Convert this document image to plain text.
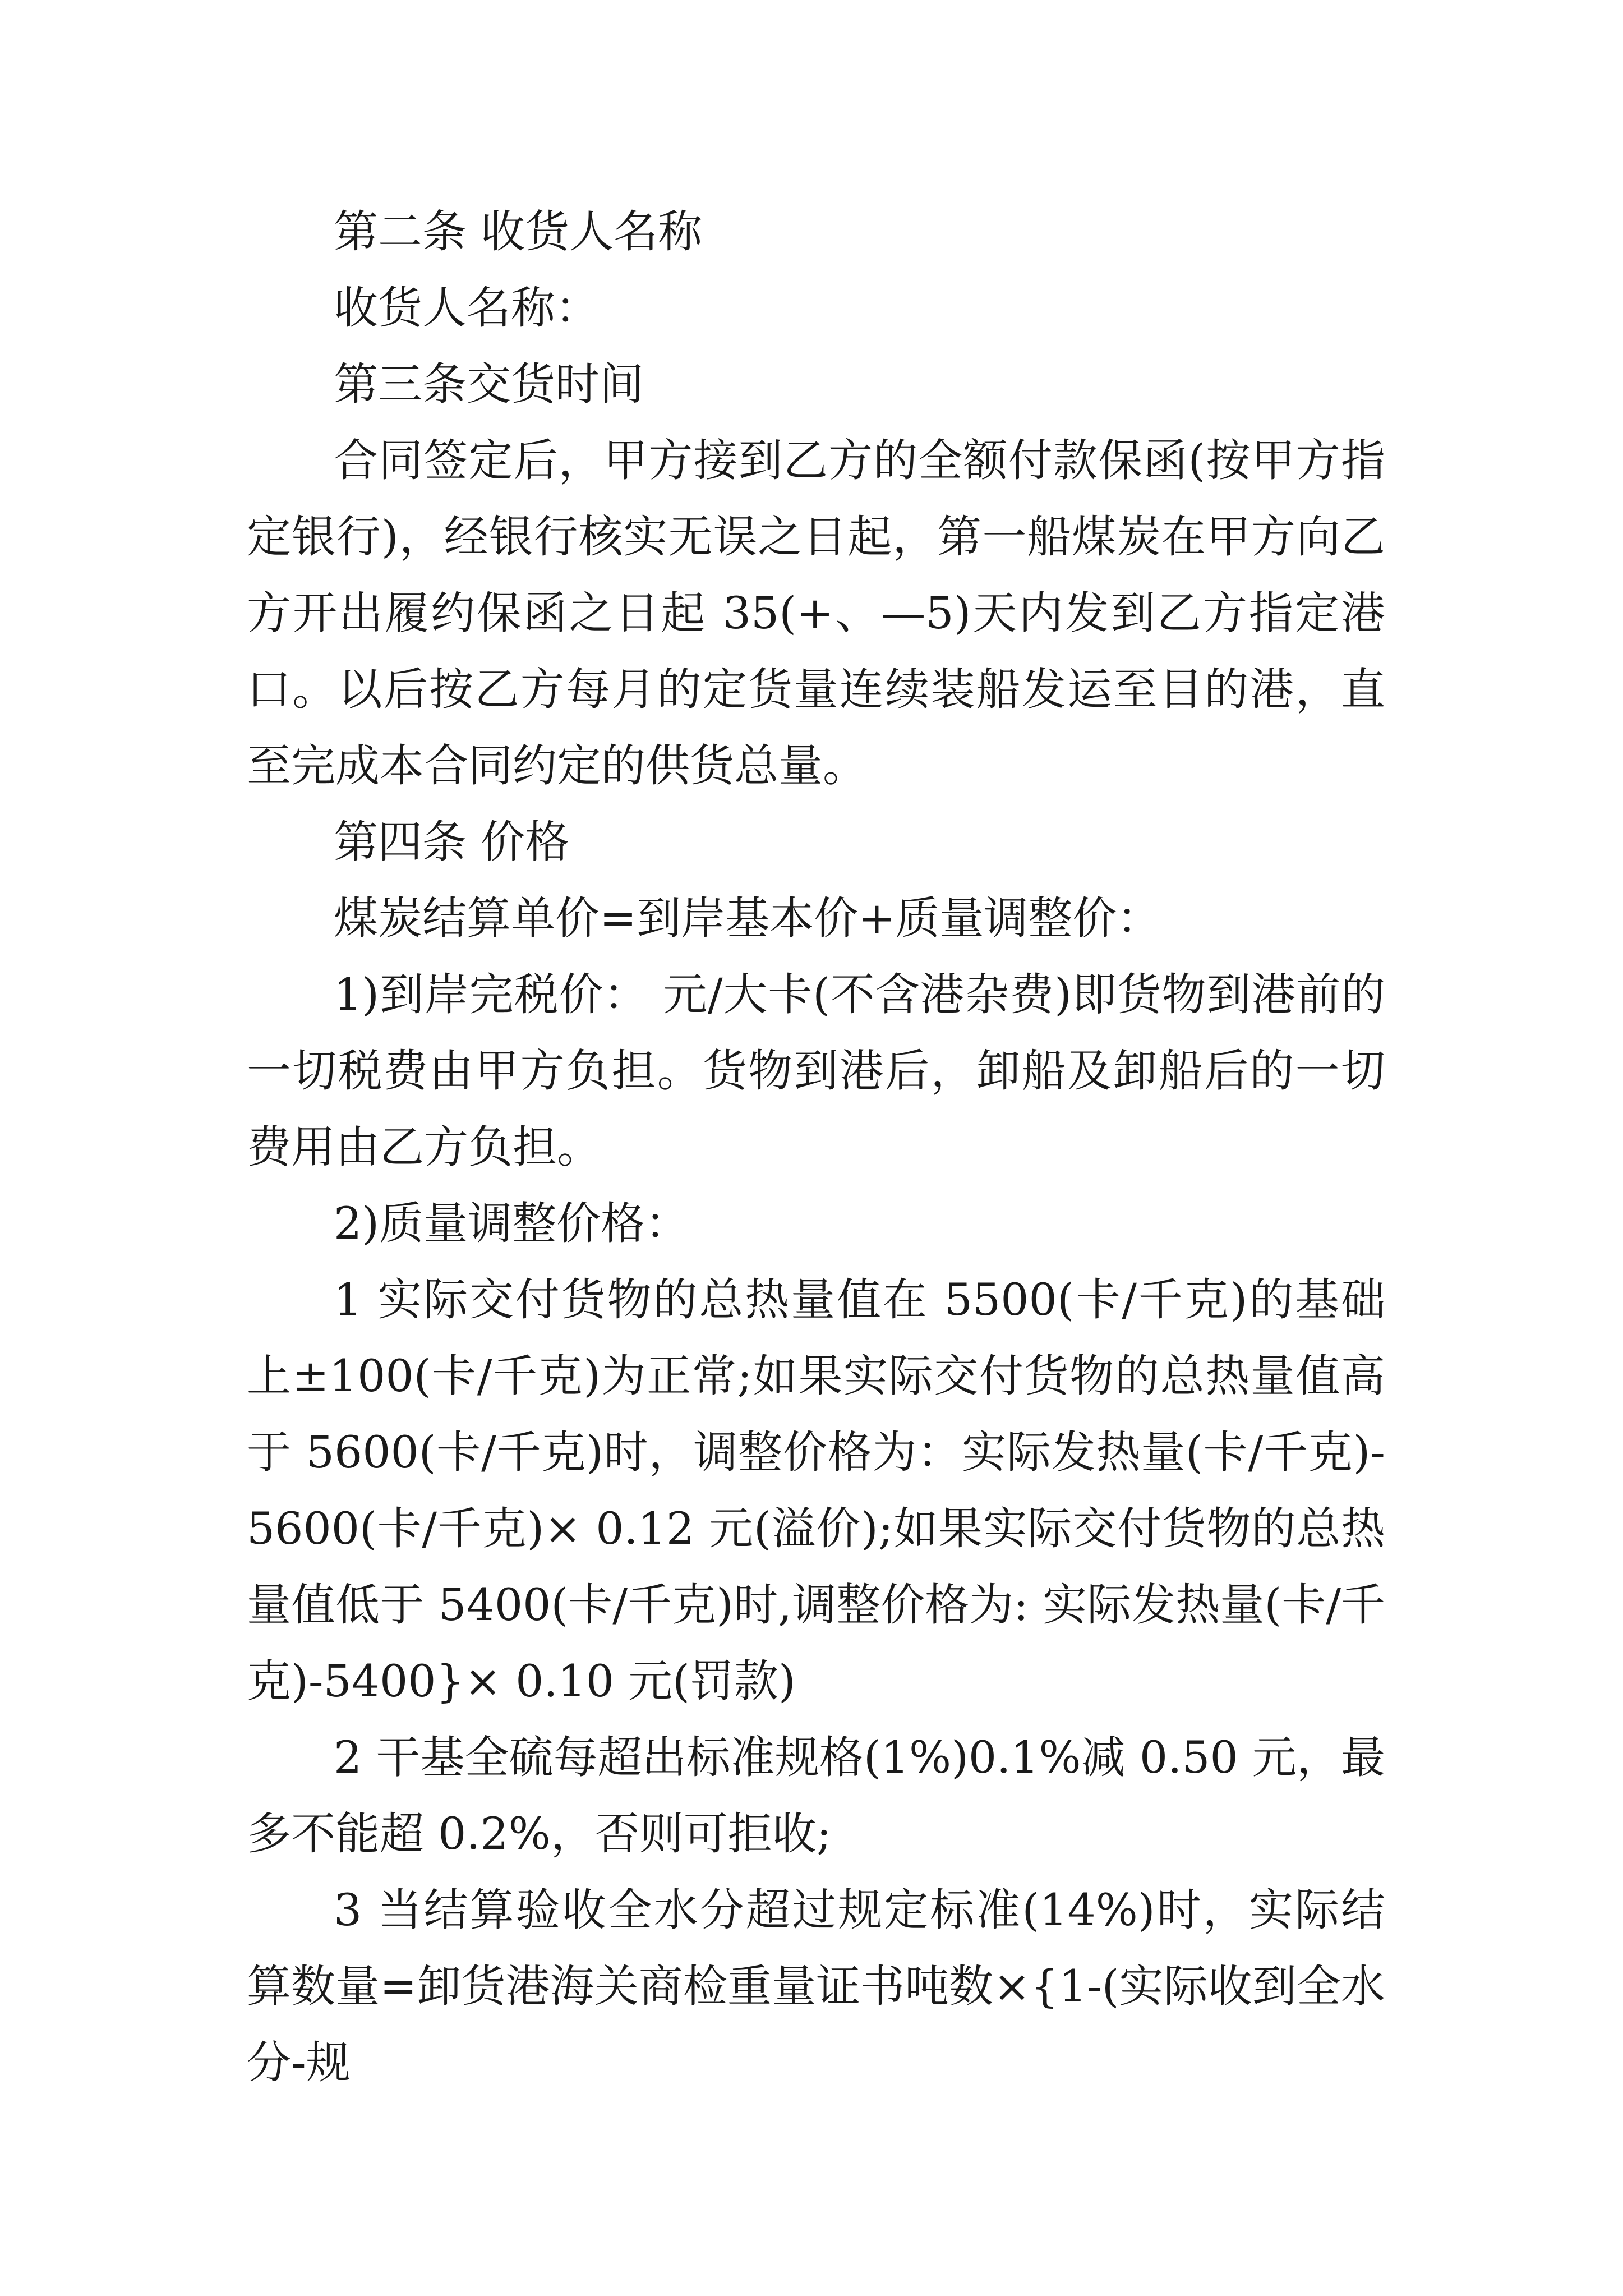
第二条 收货人名称

收货人名称：

第三条交货时间

合同签定后，甲方接到乙方的全额付款保函(按甲方指定银行)，经银行核实无误之日起，第一船煤炭在甲方向乙方开出履约保函之日起 35(+、—5)天内发到乙方指定港口。以后按乙方每月的定货量连续装船发运至目的港，直至完成本合同约定的供货总量。

第四条 价格

煤炭结算单价=到岸基本价+质量调整价：

1)到岸完税价： 元/大卡(不含港杂费)即货物到港前的一切税费由甲方负担。货物到港后，卸船及卸船后的一切费用由乙方负担。

2)质量调整价格：

1 实际交付货物的总热量值在 5500(卡/千克)的基础上±100(卡/千克)为正常;如果实际交付货物的总热量值高于 5600(卡/千克)时，调整价格为：实际发热量(卡/千克)-5600(卡/千克)× 0.12 元(溢价);如果实际交付货物的总热量值低于 5400(卡/千克)时,调整价格为: 实际发热量(卡/千克)-5400}× 0.10 元(罚款)

2 干基全硫每超出标准规格(1%)0.1%减 0.50 元，最多不能超 0.2%，否则可拒收;

3 当结算验收全水分超过规定标准(14%)时，实际结算数量=卸货港海关商检重量证书吨数×{1-(实际收到全水分-规
